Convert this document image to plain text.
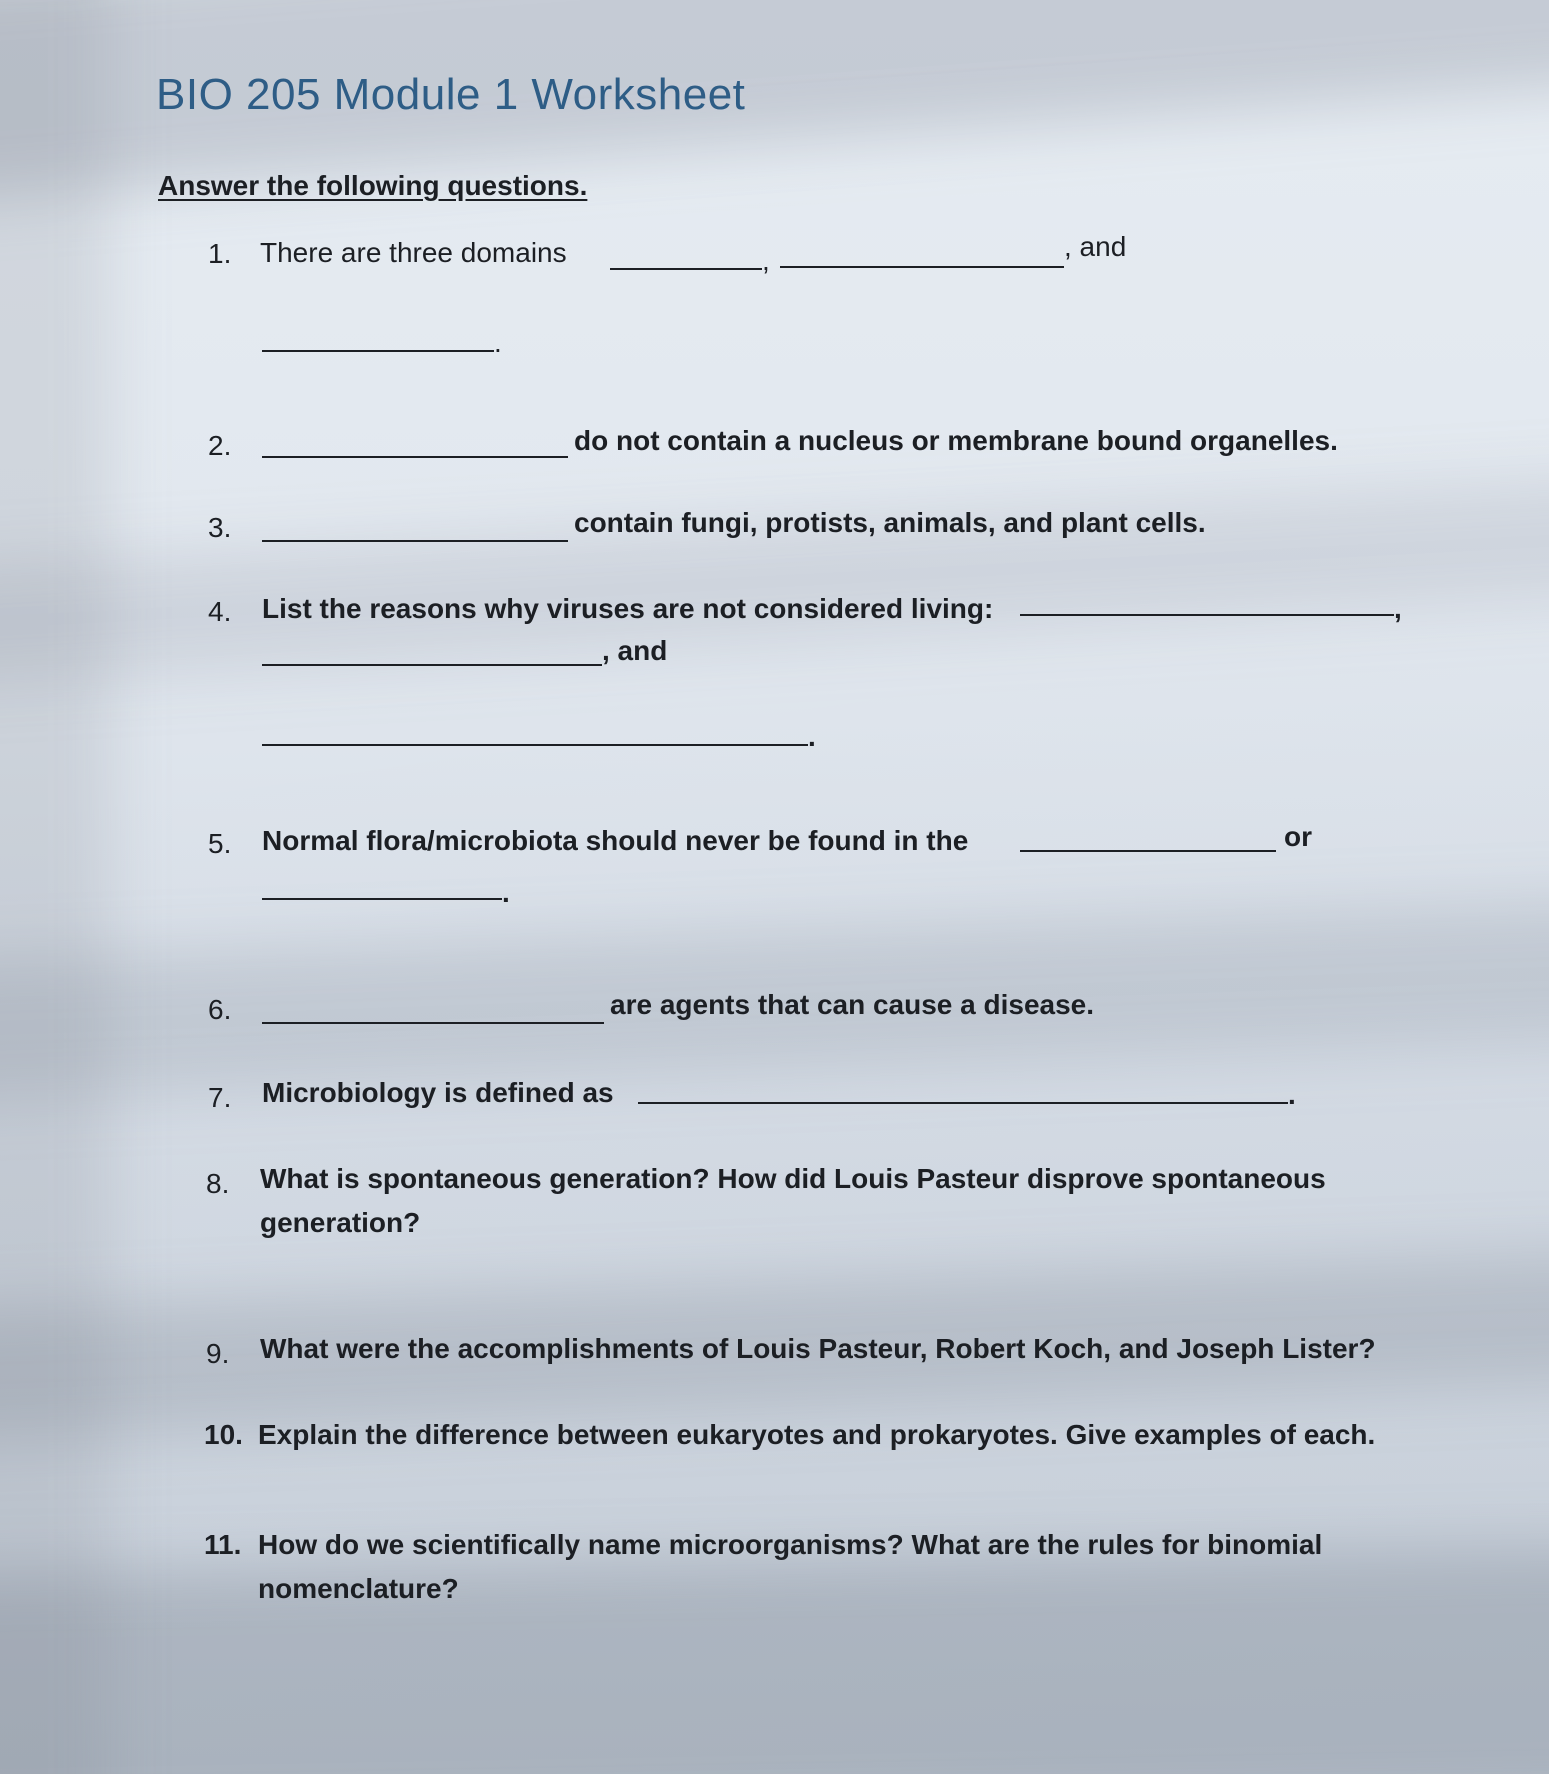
BIO 205 Module 1 Worksheet
Answer the following questions.
1. There are three domains	,	, and
.
2.	do not contain a nucleus or membrane bound organelles.
3.	contain fungi, protists, animals, and plant cells.
4. List the reasons why viruses are not considered living:	,
, and
.
5. Normal flora/microbiota should never be found in the	or
.
6.	are agents that can cause a disease.
7. Microbiology is defined as	.
8. What is spontaneous generation? How did Louis Pasteur disprove spontaneous
generation?
9. What were the accomplishments of Louis Pasteur, Robert Koch, and Joseph Lister?
10. Explain the difference between eukaryotes and prokaryotes. Give examples of each.
11. How do we scientifically name microorganisms? What are the rules for binomial
nomenclature?
